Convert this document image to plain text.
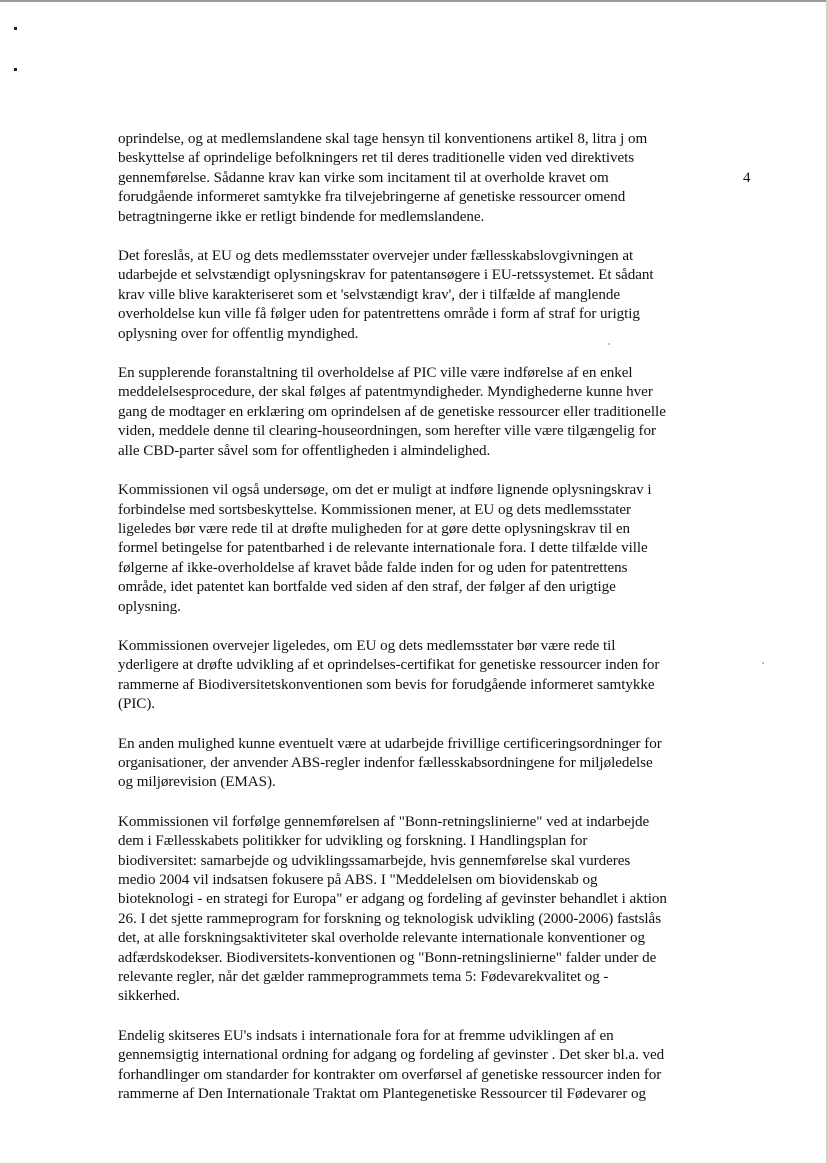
4

oprindelse, og at medlemslandene skal tage hensyn til konventionens artikel 8, litra j om
beskyttelse af oprindelige befolkningers ret til deres traditionelle viden ved direktivets
gennemførelse. Sådanne krav kan virke som incitament til at overholde kravet om
forudgående informeret samtykke fra tilvejebringerne af genetiske ressourcer omend
betragtningerne ikke er retligt bindende for medlemslandene.

Det foreslås, at EU og dets medlemsstater overvejer under fællesskabslovgivningen at
udarbejde et selvstændigt oplysningskrav for patentansøgere i EU-retssystemet. Et sådant
krav ville blive karakteriseret som et 'selvstændigt krav', der i tilfælde af manglende
overholdelse kun ville få følger uden for patentrettens område i form af straf for urigtig
oplysning over for offentlig myndighed.

En supplerende foranstaltning til overholdelse af PIC ville være indførelse af en enkel
meddelelsesprocedure, der skal følges af patentmyndigheder. Myndighederne kunne hver
gang de modtager en erklæring om oprindelsen af de genetiske ressourcer eller traditionelle
viden, meddele denne til clearing-houseordningen, som herefter ville være tilgængelig for
alle CBD-parter såvel som for offentligheden i almindelighed.

Kommissionen vil også undersøge, om det er muligt at indføre lignende oplysningskrav i
forbindelse med sortsbeskyttelse. Kommissionen mener, at EU og dets medlemsstater
ligeledes bør være rede til at drøfte muligheden for at gøre dette oplysningskrav til en
formel betingelse for patentbarhed i de relevante internationale fora. I dette tilfælde ville
følgerne af ikke-overholdelse af kravet både falde inden for og uden for patentrettens
område, idet patentet kan bortfalde ved siden af den straf, der følger af den urigtige
oplysning.

Kommissionen overvejer ligeledes, om EU og dets medlemsstater bør være rede til
yderligere at drøfte udvikling af et oprindelses-certifikat for genetiske ressourcer inden for
rammerne af Biodiversitetskonventionen som bevis for forudgående informeret samtykke
(PIC).

En anden mulighed kunne eventuelt være at udarbejde frivillige certificeringsordninger for
organisationer, der anvender ABS-regler indenfor fællesskabsordningene for miljøledelse
og miljørevision (EMAS).

Kommissionen vil forfølge gennemførelsen af "Bonn-retningslinierne" ved at indarbejde
dem i Fællesskabets politikker for udvikling og forskning. I Handlingsplan for
biodiversitet: samarbejde og udviklingssamarbejde, hvis gennemførelse skal vurderes
medio 2004 vil indsatsen fokusere på ABS. I "Meddelelsen om biovidenskab og
bioteknologi - en strategi for Europa" er adgang og fordeling af gevinster behandlet i aktion
26. I det sjette rammeprogram for forskning og teknologisk udvikling (2000-2006) fastslås
det, at alle forskningsaktiviteter skal overholde relevante internationale konventioner og
adfærdskodekser. Biodiversitets-konventionen og "Bonn-retningslinierne" falder under de
relevante regler, når det gælder rammeprogrammets tema 5: Fødevarekvalitet og -
sikkerhed.

Endelig skitseres EU's indsats i internationale fora for at fremme udviklingen af en
gennemsigtig international ordning for adgang og fordeling af gevinster . Det sker bl.a. ved
forhandlinger om standarder for kontrakter om overførsel af genetiske ressourcer inden for
rammerne af Den Internationale Traktat om Plantegenetiske Ressourcer til Fødevarer og
